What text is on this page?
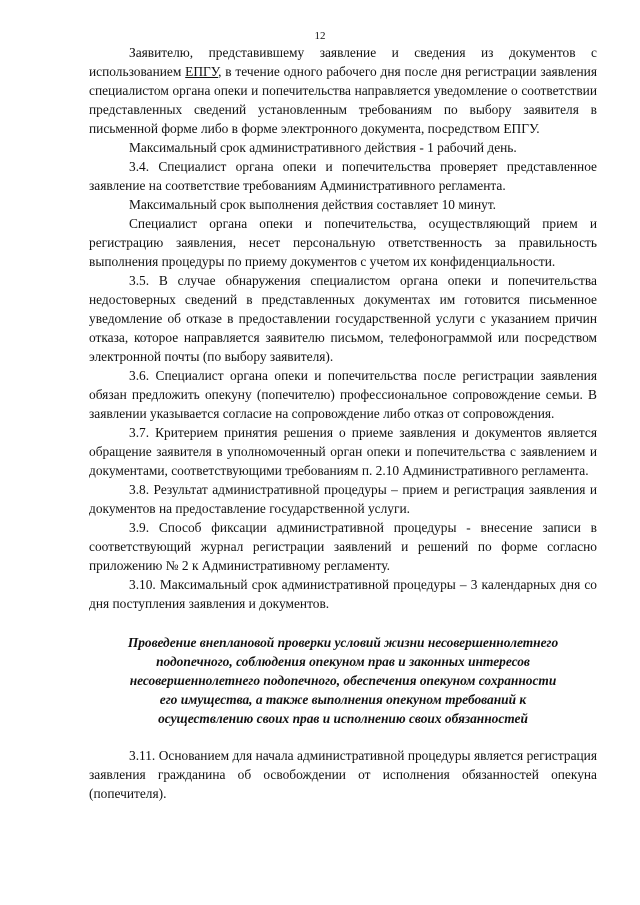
12

Заявителю, представившему заявление и сведения из документов с использованием ЕПГУ, в течение одного рабочего дня после дня регистрации заявления специалистом органа опеки и попечительства направляется уведомление о соответствии представленных сведений установленным требованиям по выбору заявителя в письменной форме либо в форме электронного документа, посредством ЕПГУ.

Максимальный срок административного действия - 1 рабочий день.

3.4. Специалист органа опеки и попечительства проверяет представленное заявление на соответствие требованиям Административного регламента.

Максимальный срок выполнения действия составляет 10 минут.

Специалист органа опеки и попечительства, осуществляющий прием и регистрацию заявления, несет персональную ответственность за правильность выполнения процедуры по приему документов с учетом их конфиденциальности.

3.5. В случае обнаружения специалистом органа опеки и попечительства недостоверных сведений в представленных документах им готовится письменное уведомление об отказе в предоставлении государственной услуги с указанием причин отказа, которое направляется заявителю письмом, телефонограммой или посредством электронной почты (по выбору заявителя).

3.6. Специалист органа опеки и попечительства после регистрации заявления обязан предложить опекуну (попечителю) профессиональное сопровождение семьи. В заявлении указывается согласие на сопровождение либо отказ от сопровождения.

3.7. Критерием принятия решения о приеме заявления и документов является обращение заявителя в уполномоченный орган опеки и попечительства с заявлением и документами, соответствующими требованиям п. 2.10 Административного регламента.

3.8. Результат административной процедуры – прием и регистрация заявления и документов на предоставление государственной услуги.

3.9. Способ фиксации административной процедуры - внесение записи в соответствующий журнал регистрации заявлений и решений по форме согласно приложению № 2 к Административному регламенту.

3.10. Максимальный срок административной процедуры – 3 календарных дня со дня поступления заявления и документов.

Проведение внеплановой проверки условий жизни несовершеннолетнего
подопечного, соблюдения опекуном прав и законных интересов
несовершеннолетнего подопечного, обеспечения опекуном сохранности
его имущества, а также выполнения опекуном требований к
осуществлению своих прав и исполнению своих обязанностей

3.11. Основанием для начала административной процедуры является регистрация заявления гражданина об освобождении от исполнения обязанностей опекуна (попечителя).
